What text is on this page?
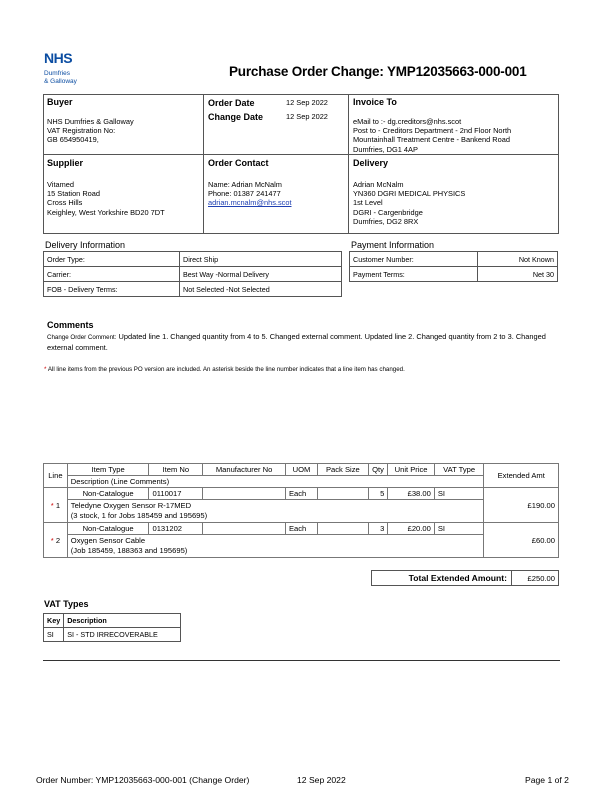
NHS
Dumfries
& Galloway
Purchase Order Change: YMP12035663-000-001
Buyer
NHS Dumfries & Galloway
VAT Registration No:
GB 654950419,
Order Date	12 Sep 2022
Change Date	12 Sep 2022
Invoice To
eMail to :- dg.creditors@nhs.scot
Post to - Creditors Department - 2nd Floor North
Mountainhall Treatment Centre - Bankend Road
Dumfries, DG1 4AP
Supplier
Vitamed
15 Station Road
Cross Hills
Keighley, West Yorkshire BD20 7DT
Order Contact
Name: Adrian McNalm
Phone: 01387 241477
adrian.mcnalm@nhs.scot
Delivery
Adrian McNalm
YN360 DGRI MEDICAL PHYSICS
1st Level
DGRI - Cargenbridge
Dumfries, DG2 8RX
Delivery Information
Order Type:	Direct Ship
Carrier:	Best Way -Normal Delivery
FOB - Delivery Terms:	Not Selected -Not Selected
Payment Information
Customer Number:	Not Known
Payment Terms:	Net 30
Comments
Change Order Comment: Updated line 1. Changed quantity from 4 to 5. Changed external comment. Updated line 2. Changed quantity from 2 to 3. Changed external comment.
* All line items from the previous PO version are included. An asterisk beside the line number indicates that a line item has changed.
Line	Item Type	Item No	Manufacturer No	UOM	Pack Size	Qty	Unit Price	VAT Type	Extended Amt
	Description (Line Comments)								
* 1	Non-Catalogue	0110017		Each		5	£38.00	SI	£190.00

	Teledyne Oxygen Sensor R-17MED
(3 stock, 1 for Jobs 185459 and 195695)								

* 2	Non-Catalogue	0131202		Each		3	£20.00	SI	£60.00

	Oxygen Sensor Cable
(Job 185459, 188363 and 195695)								
Total Extended Amount:	£250.00
VAT Types
Key	Description
SI	SI - STD IRRECOVERABLE
Order Number: YMP12035663-000-001 (Change Order)	12 Sep 2022	Page 1 of 2
